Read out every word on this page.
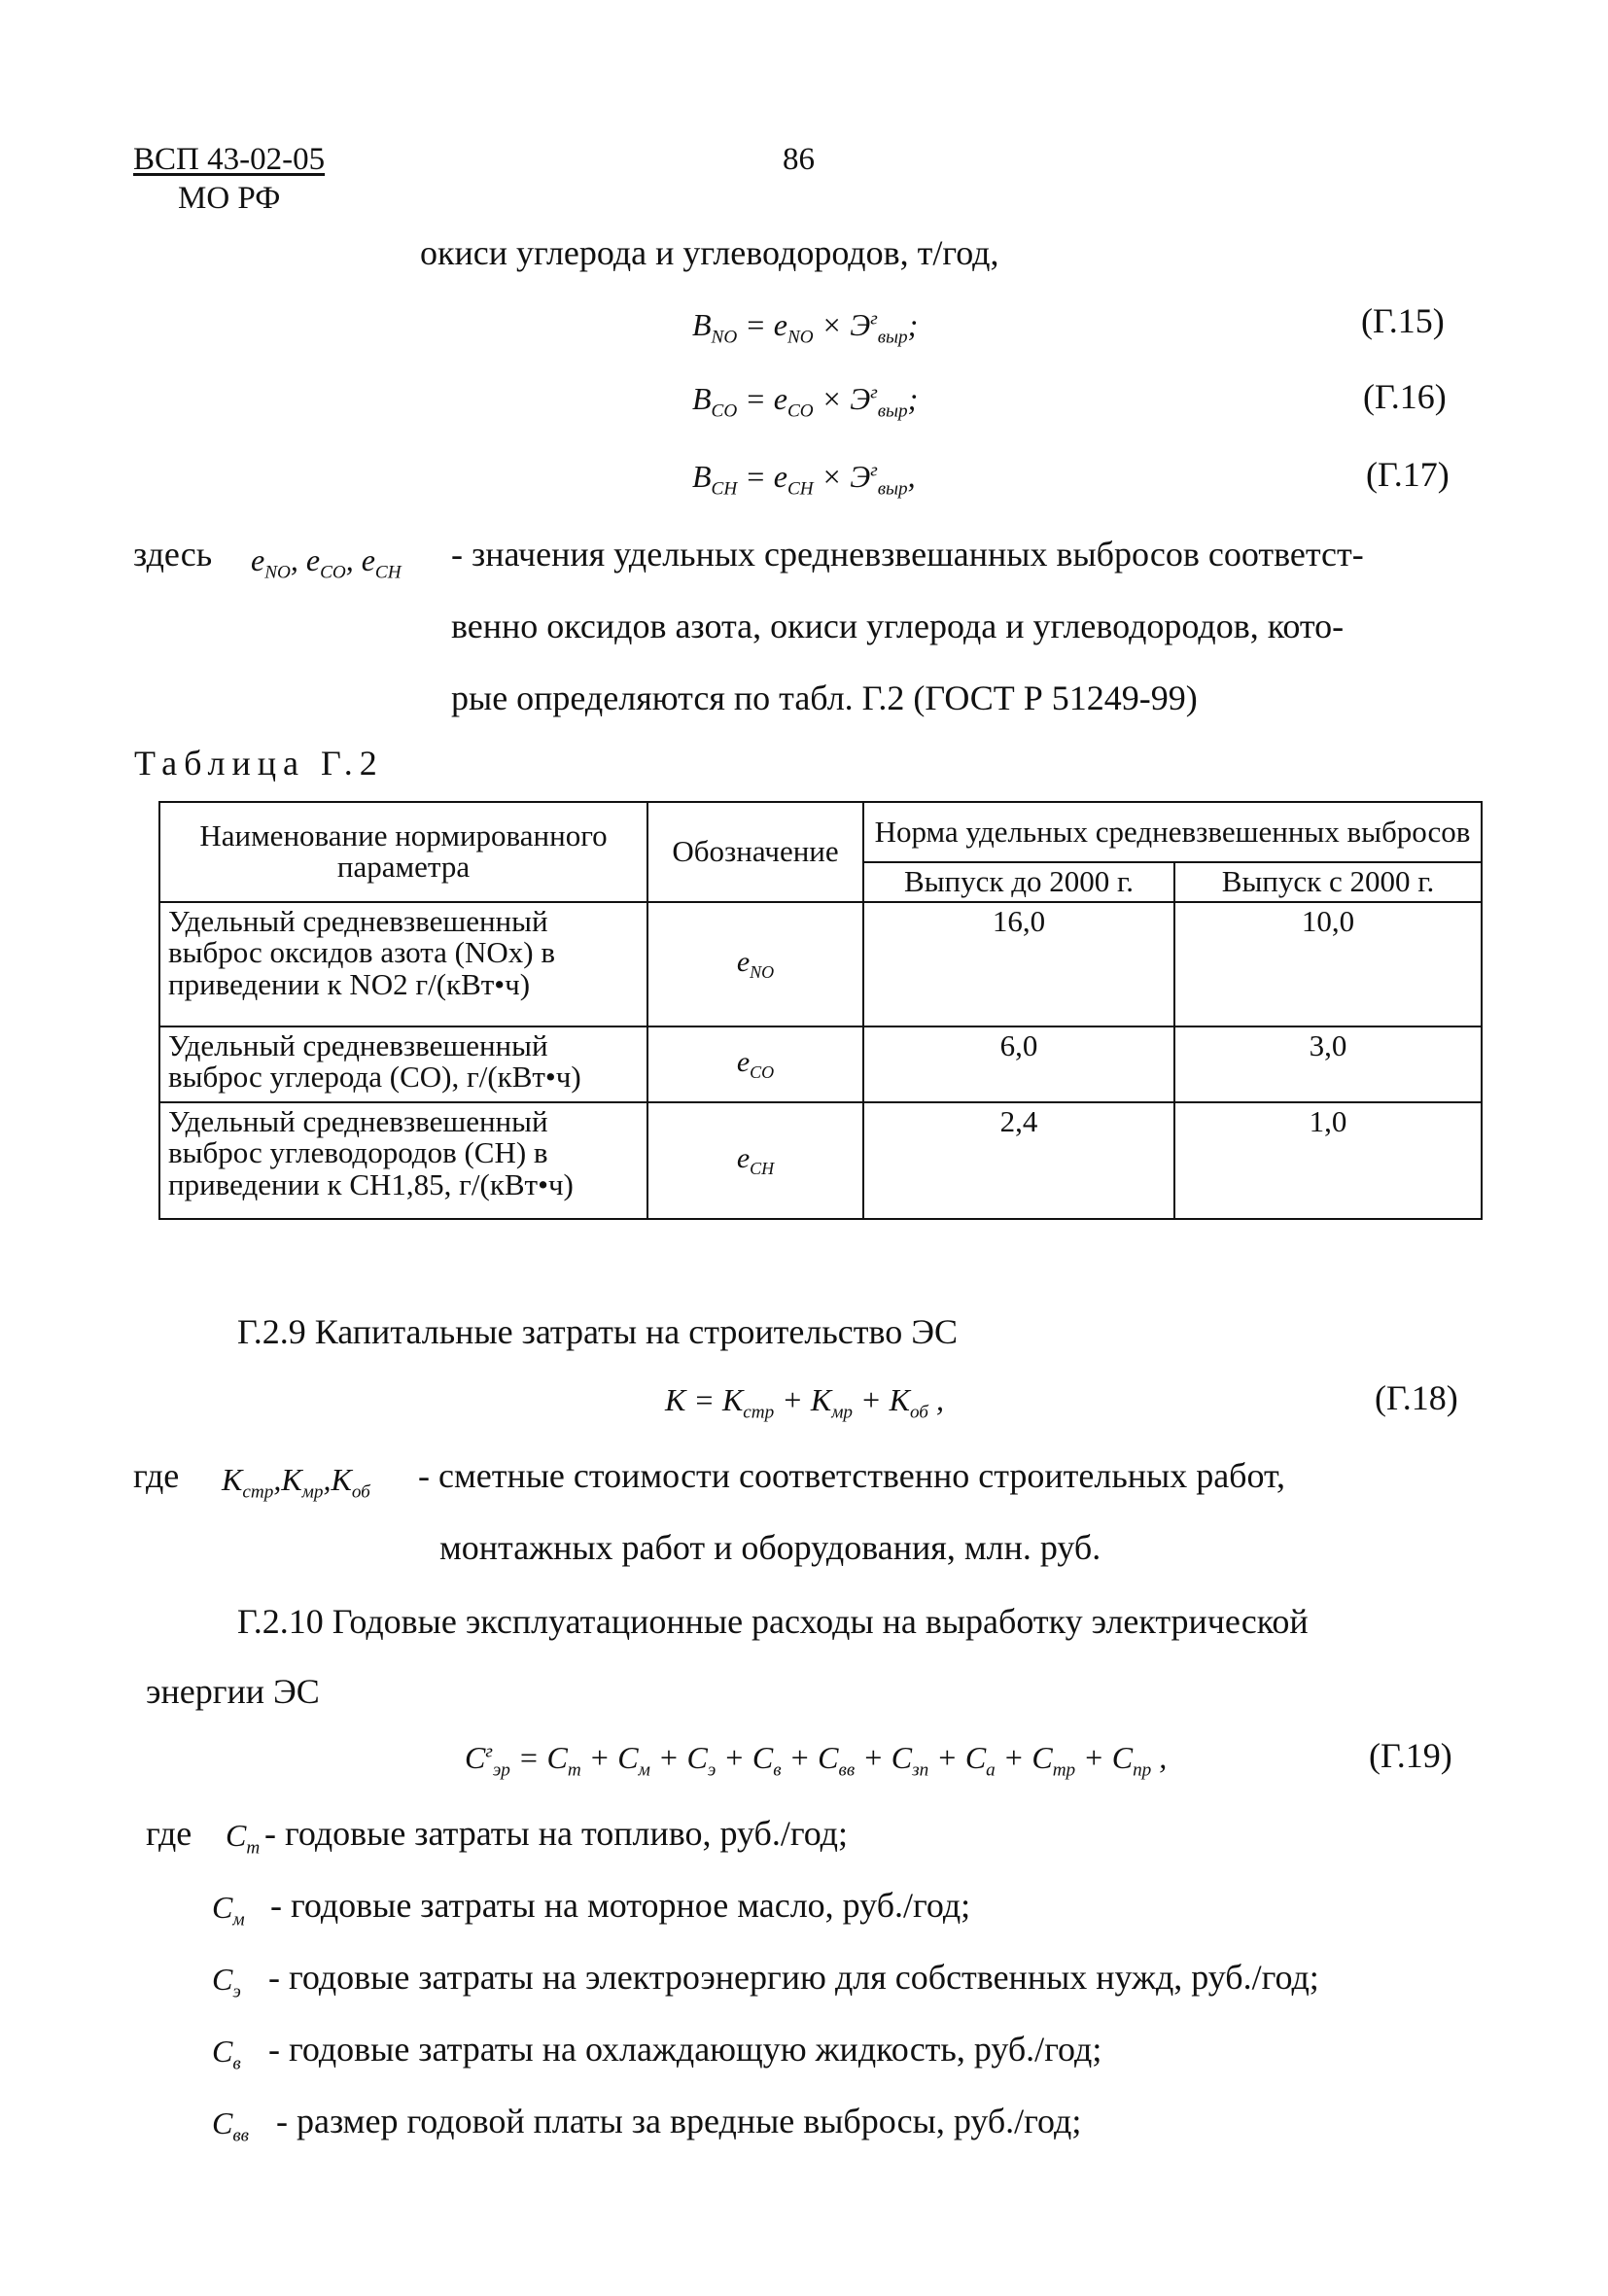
ВСП 43-02-05
МО РФ
86
окиси углерода и углеводородов, т/год,
$B_{NO} = e_{NO} \times Э^г_{выр}$;	(Г.15)
$B_{CO} = e_{CO} \times Э^г_{выр}$;	(Г.16)
$B_{CH} = e_{CH} \times Э^г_{выр}$,	(Г.17)
здесь $e_{NO}$, $e_{CO}$, $e_{CH}$ - значения удельных средневзвешанных выбросов соответст-
венно оксидов азота, окиси углерода и углеводородов, кото-
рые определяются по табл. Г.2 (ГОСТ Р 51249-99)
Таблица Г.2
Наименование нормированного параметра	Обозначение	Норма удельных средневзвешенных выбросов	
		Выпуск до 2000 г.	Выпуск с 2000 г.
Удельный средневзвешенный выброс оксидов азота (NOx) в приведении к NO2 г/(кВт•ч)	$e_{NO}$	16,0	10,0
Удельный средневзвешенный выброс углерода (CO), г/(кВт•ч)	$e_{CO}$	6,0	3,0
Удельный средневзвешенный выброс углеводородов (CH) в приведении к CH1,85, г/(кВт•ч)	$e_{CH}$	2,4	1,0
Г.2.9 Капитальные затраты на строительство ЭС
$K = K_{стр} + K_{мр} + K_{об}$ ,	(Г.18)
где $K_{стр},K_{мр},K_{об}$ - сметные стоимости соответственно строительных работ,
монтажных работ и оборудования, млн. руб.
Г.2.10 Годовые эксплуатационные расходы на выработку электрической
энергии ЭС
$C^г_{эр} = C_т + C_м + C_э + C_в + C_{вв} + C_{зп} + C_а + C_{тр} + C_{пр}$ ,	(Г.19)
где $C_т$ - годовые затраты на топливо, руб./год;
$C_м$ - годовые затраты на моторное масло, руб./год;
$C_э$ - годовые затраты на электроэнергию для собственных нужд, руб./год;
$C_в$ - годовые затраты на охлаждающую жидкость, руб./год;
$C_{вв}$ - размер годовой платы за вредные выбросы, руб./год;
